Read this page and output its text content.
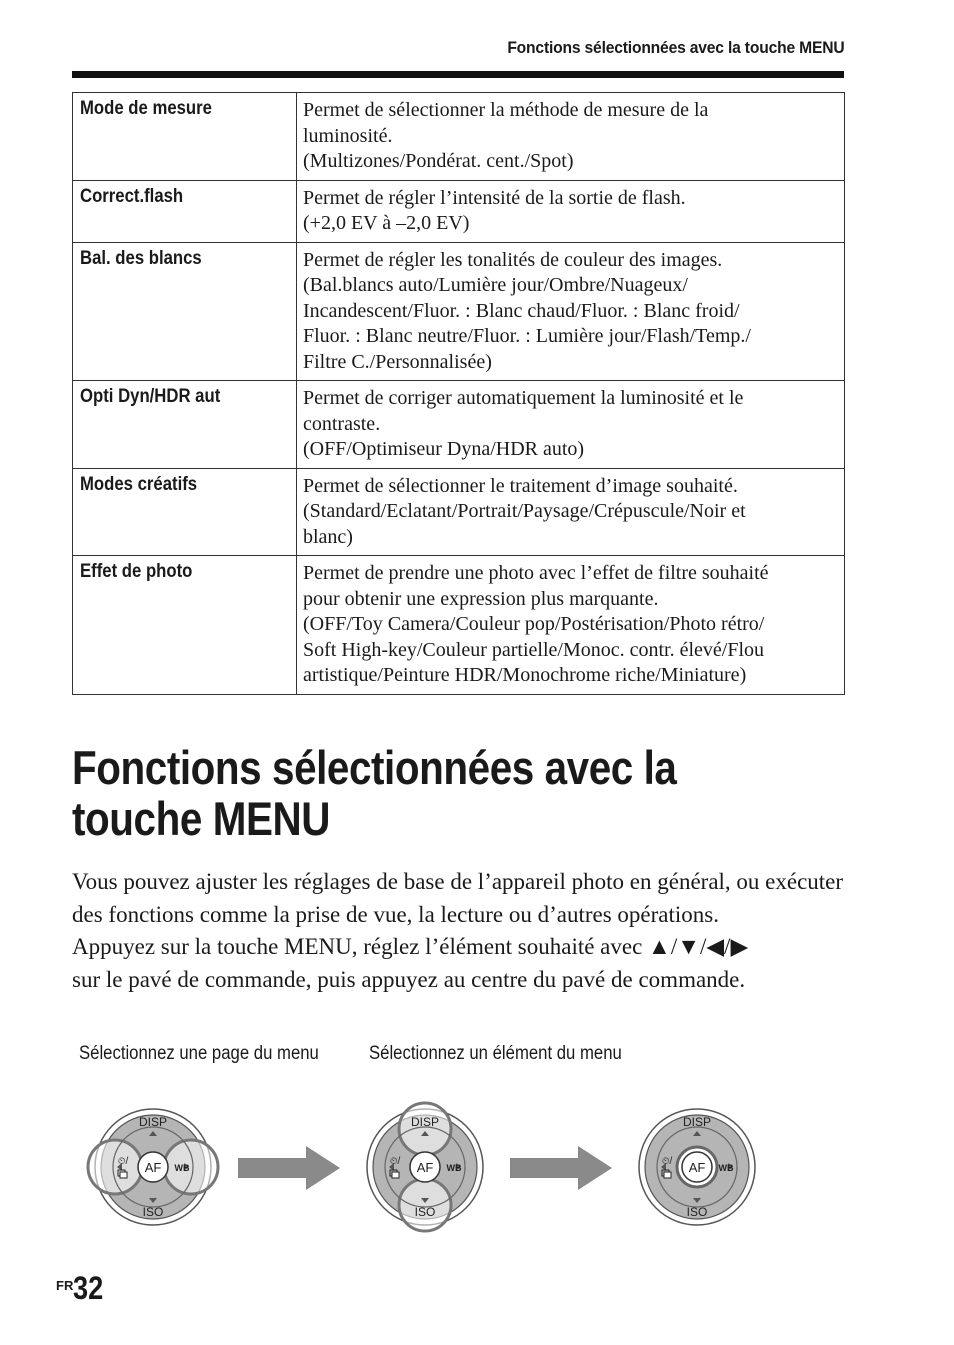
Fonctions sélectionnées avec la touche MENU
Mode de mesure	Permet de sélectionner la méthode de mesure de la
luminosité.
(Multizones/Pondérat. cent./Spot)

Correct.flash	Permet de régler l’intensité de la sortie de flash.
(+2,0 EV à –2,0 EV)

Bal. des blancs	Permet de régler les tonalités de couleur des images.
(Bal.blancs auto/Lumière jour/Ombre/Nuageux/
Incandescent/Fluor. : Blanc chaud/Fluor. : Blanc froid/
Fluor. : Blanc neutre/Fluor. : Lumière jour/Flash/Temp./
Filtre C./Personnalisée)

Opti Dyn/HDR aut	Permet de corriger automatiquement la luminosité et le
contraste.
(OFF/Optimiseur Dyna/HDR auto)

Modes créatifs	Permet de sélectionner le traitement d’image souhaité.
(Standard/Eclatant/Portrait/Paysage/Crépuscule/Noir et
blanc)

Effet de photo	Permet de prendre une photo avec l’effet de filtre souhaité
pour obtenir une expression plus marquante.
(OFF/Toy Camera/Couleur pop/Postérisation/Photo rétro/
Soft High-key/Couleur partielle/Monoc. contr. élevé/Flou
artistique/Peinture HDR/Monochrome riche/Miniature)
Fonctions sélectionnées avec la
touche MENU

Vous pouvez ajuster les réglages de base de l’appareil photo en général, ou exécuter des fonctions comme la prise de vue, la lecture ou d’autres opérations.

Appuyez sur la touche MENU, réglez l’élément souhaité avec ▲/▼/◀/▶

sur le pavé de commande, puis appuyez au centre du pavé de commande.

Sélectionnez une page du menu	Sélectionnez un élément du menu
DISP
ISO
AF WB
⏲/
DISP
ISO
AF WB
⏲/
DISP
ISO
AF WB
⏲/
$^{FR}$32
